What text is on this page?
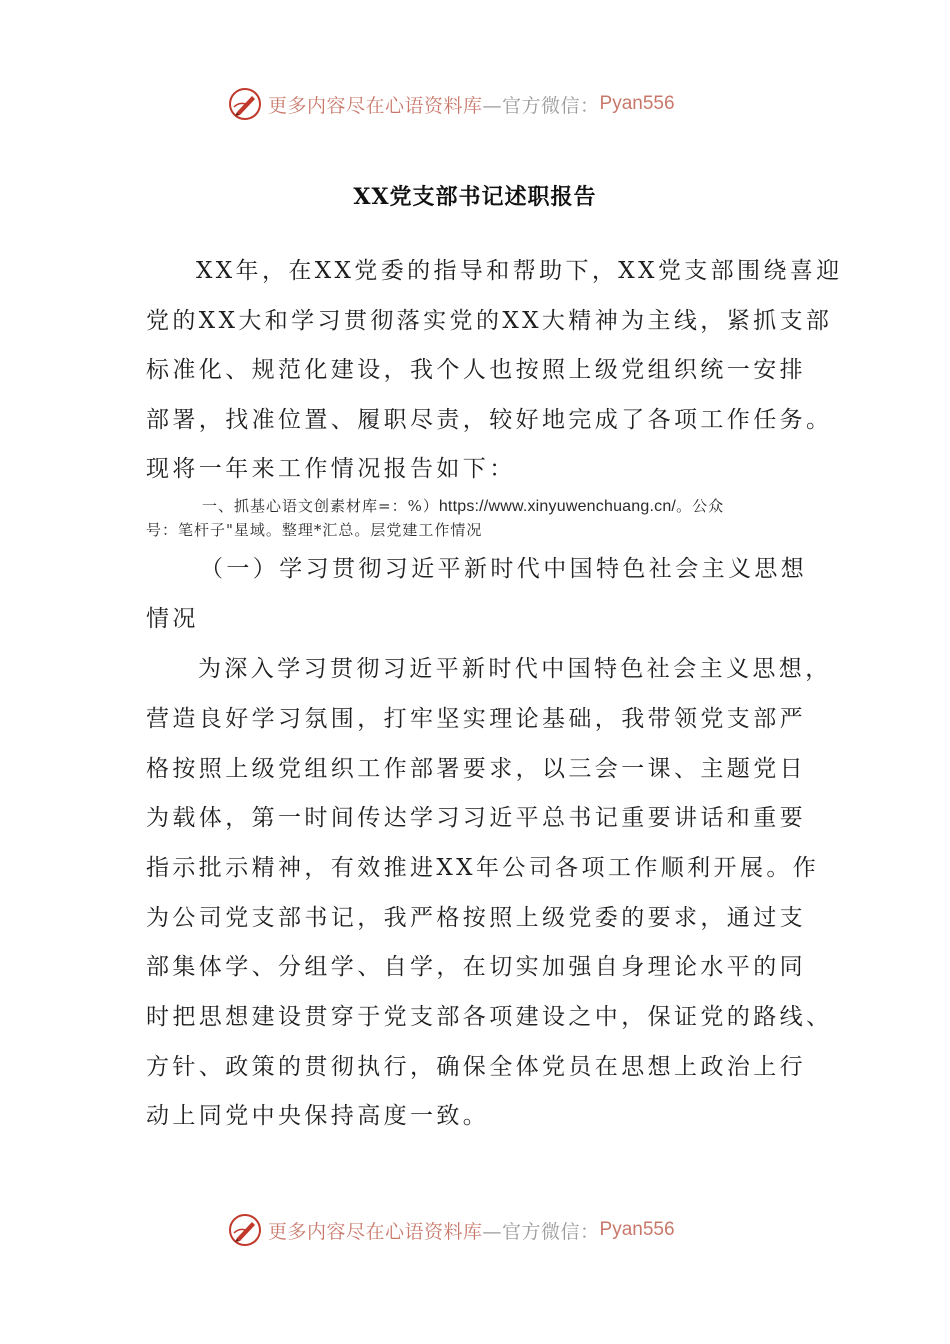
更多内容尽在心语资料库 —官方微信： Pyan556
XX党支部书记述职报告
XX年，在XX党委的指导和帮助下，XX党支部围绕喜迎
党的XX大和学习贯彻落实党的XX大精神为主线，紧抓支部
标准化、规范化建设，我个人也按照上级党组织统一安排
部署，找准位置、履职尽责，较好地完成了各项工作任务。
现将一年来工作情况报告如下：
一、抓基心语文创素材库=：%）https://www.xinyuwenchuang.cn/。公众
号：笔杆子"星域。整理*汇总。层党建工作情况
（一）学习贯彻习近平新时代中国特色社会主义思想
情况
为深入学习贯彻习近平新时代中国特色社会主义思想，
营造良好学习氛围，打牢坚实理论基础，我带领党支部严
格按照上级党组织工作部署要求，以三会一课、主题党日
为载体，第一时间传达学习习近平总书记重要讲话和重要
指示批示精神，有效推进XX年公司各项工作顺利开展。作
为公司党支部书记，我严格按照上级党委的要求，通过支
部集体学、分组学、自学，在切实加强自身理论水平的同
时把思想建设贯穿于党支部各项建设之中，保证党的路线、
方针、政策的贯彻执行，确保全体党员在思想上政治上行
动上同党中央保持高度一致。
更多内容尽在心语资料库 —官方微信： Pyan556
